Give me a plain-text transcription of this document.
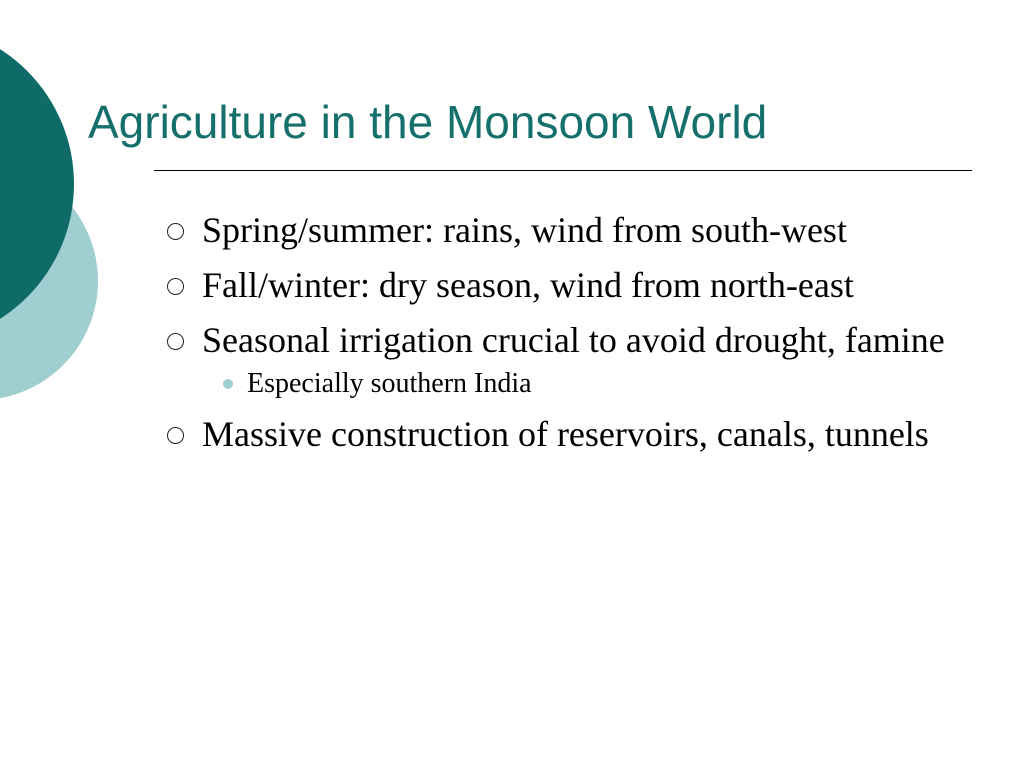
Agriculture in the Monsoon World
Spring/summer: rains, wind from south-west
Fall/winter: dry season, wind from north-east
Seasonal irrigation crucial to avoid drought, famine
Especially southern India
Massive construction of reservoirs, canals, tunnels
